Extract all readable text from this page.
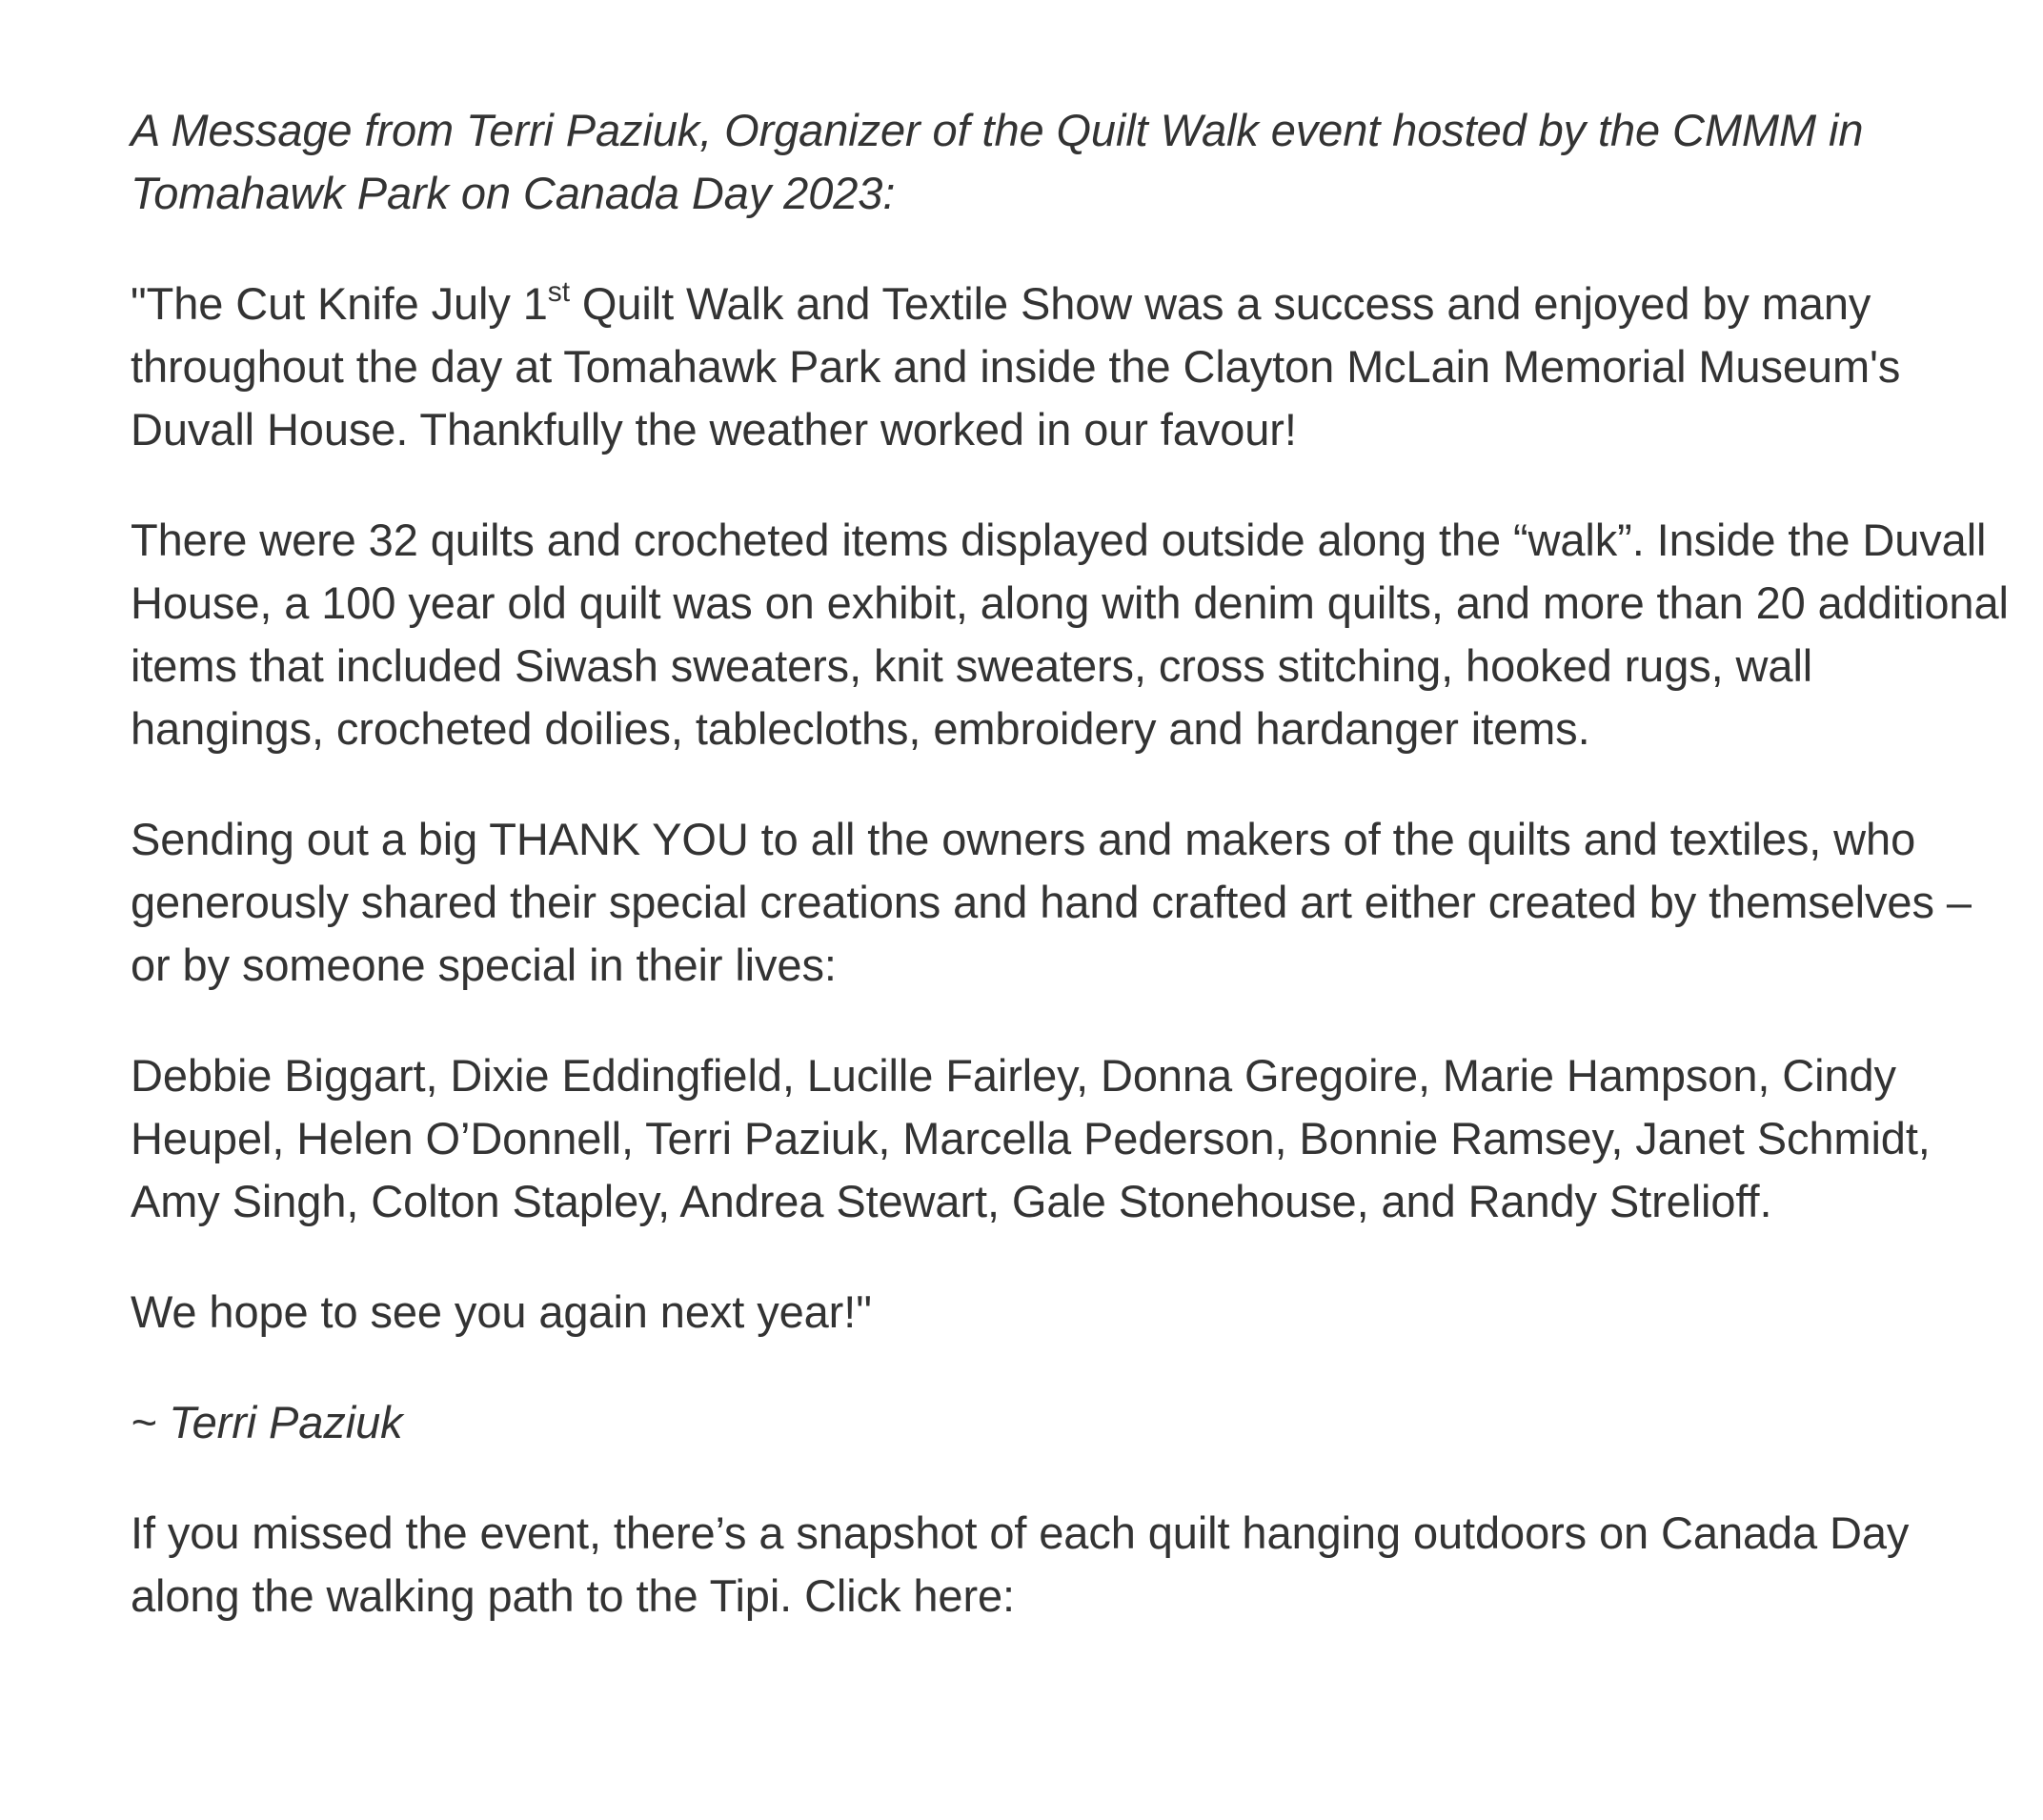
A Message from Terri Paziuk, Organizer of the Quilt Walk event hosted by the CMMM in Tomahawk Park on Canada Day 2023:

"The Cut Knife July 1st Quilt Walk and Textile Show was a success and enjoyed by many throughout the day at Tomahawk Park and inside the Clayton McLain Memorial Museum's Duvall House. Thankfully the weather worked in our favour!

There were 32 quilts and crocheted items displayed outside along the “walk”. Inside the Duvall House, a 100 year old quilt was on exhibit, along with denim quilts, and more than 20 additional items that included Siwash sweaters, knit sweaters, cross stitching, hooked rugs, wall hangings, crocheted doilies, tablecloths, embroidery and hardanger items.

Sending out a big THANK YOU to all the owners and makers of the quilts and textiles, who generously shared their special creations and hand crafted art either created by themselves – or by someone special in their lives:

Debbie Biggart, Dixie Eddingfield, Lucille Fairley, Donna Gregoire, Marie Hampson, Cindy Heupel, Helen O’Donnell, Terri Paziuk, Marcella Pederson, Bonnie Ramsey, Janet Schmidt, Amy Singh, Colton Stapley, Andrea Stewart, Gale Stonehouse, and Randy Strelioff.

We hope to see you again next year!"

~ Terri Paziuk

If you missed the event, there’s a snapshot of each quilt hanging outdoors on Canada Day along the walking path to the Tipi. Click here:
